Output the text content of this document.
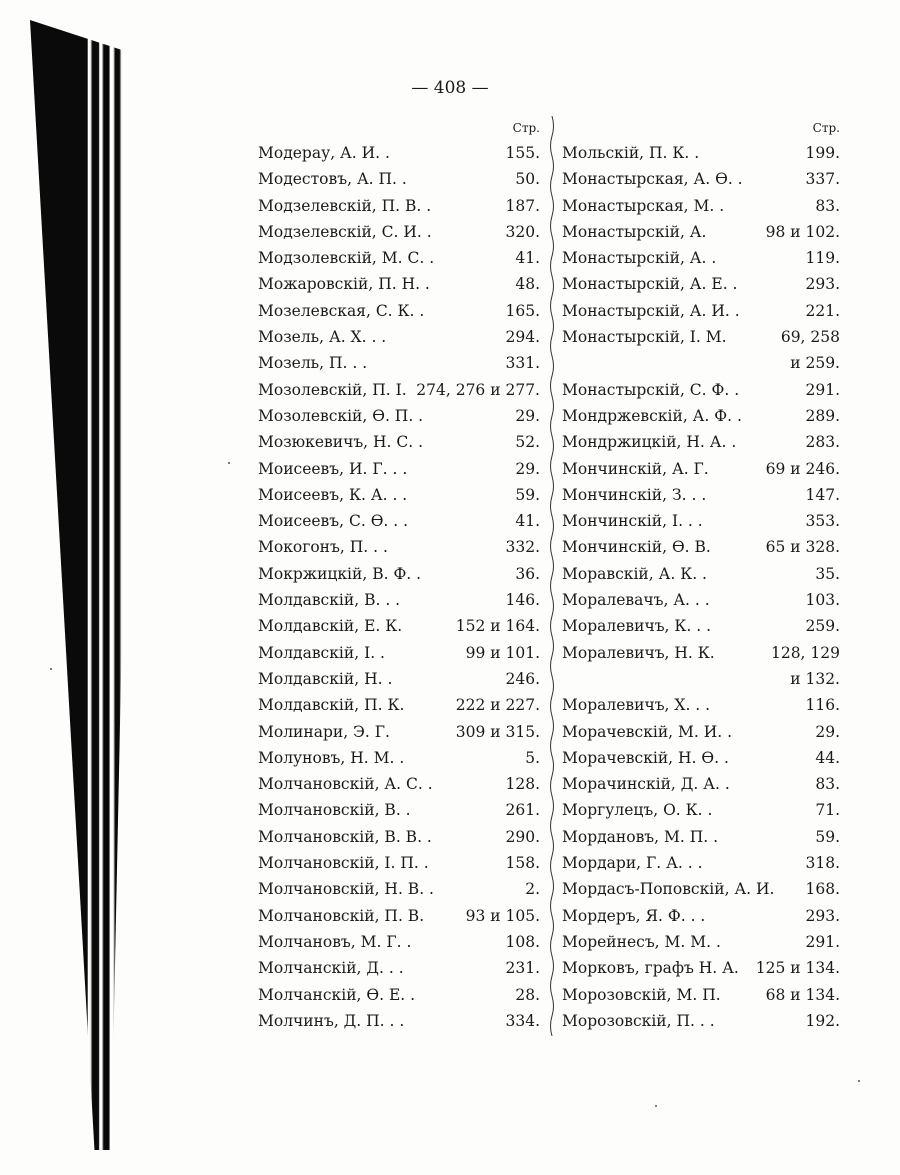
— 408 —
Стр.
Модерау, А. И. .	155.
Модестовъ, А. П. .	50.
Модзелевскій, П. В. .	187.
Модзелевскій, С. И. .	320.
Модзолевскій, М. С. .	41.
Можаровскій, П. Н. .	48.
Мозелевская, С. К. .	165.
Мозель, А. Х. . .	294.
Мозель, П. . .	331.
Мозолевскій, П. І. 274, 276 и 277.
Мозолевскій, Ѳ. П. .	29.
Мозюкевичъ, Н. С. .	52.
Моисеевъ, И. Г. . .	29.
Моисеевъ, К. А. . .	59.
Моисеевъ, С. Ѳ. . .	41.
Мокогонъ, П. . .	332.
Мокржицкій, В. Ф. .	36.
Молдавскій, В. . .	146.
Молдавскій, Е. К.	152 и 164.
Молдавскій, І. .	99 и 101.
Молдавскій, Н. .	246.
Молдавскій, П. К.	222 и 227.
Молинари, Э. Г.	309 и 315.
Молуновъ, Н. М. .	5.
Молчановскій, А. С. .	128.
Молчановскій, В. .	261.
Молчановскій, В. В. .	290.
Молчановскій, І. П. .	158.
Молчановскій, Н. В. .	2.
Молчановскій, П. В.	93 и 105.
Молчановъ, М. Г. .	108.
Молчанскій, Д. . .	231.
Молчанскій, Ѳ. Е. .	28.
Молчинъ, Д. П. . .	334.
Стр.
Мольскій, П. К. .	199.
Монастырская, А. Ѳ. .	337.
Монастырская, М. .	83.
Монастырскій, А.	98 и 102.
Монастырскій, А. .	119.
Монастырскій, А. Е. .	293.
Монастырскій, А. И. .	221.
Монастырскій, І. М.	69, 258
и 259.
Монастырскій, С. Ф. .	291.
Мондржевскій, А. Ф. .	289.
Мондржицкій, Н. А. .	283.
Мончинскій, А. Г.	69 и 246.
Мончинскій, З. . .	147.
Мончинскій, І. . .	353.
Мончинскій, Ѳ. В.	65 и 328.
Моравскій, А. К. .	35.
Моралевачъ, А. . .	103.
Моралевичъ, К. . .	259.
Моралевичъ, Н. К.	128, 129
и 132.
Моралевичъ, Х. . .	116.
Морачевскій, М. И. .	29.
Морачевскій, Н. Ѳ. .	44.
Морачинскій, Д. А. .	83.
Моргулецъ, О. К. .	71.
Мордановъ, М. П. .	59.
Мордари, Г. А. . .	318.
Мордасъ-Поповскій, А. И. 168.
Мордеръ, Я. Ф. . .	293.
Морейнесъ, М. М. .	291.
Морковъ, графъ Н. А. 125 и 134.
Морозовскій, М. П.	68 и 134.
Морозовскій, П. . .	192.
